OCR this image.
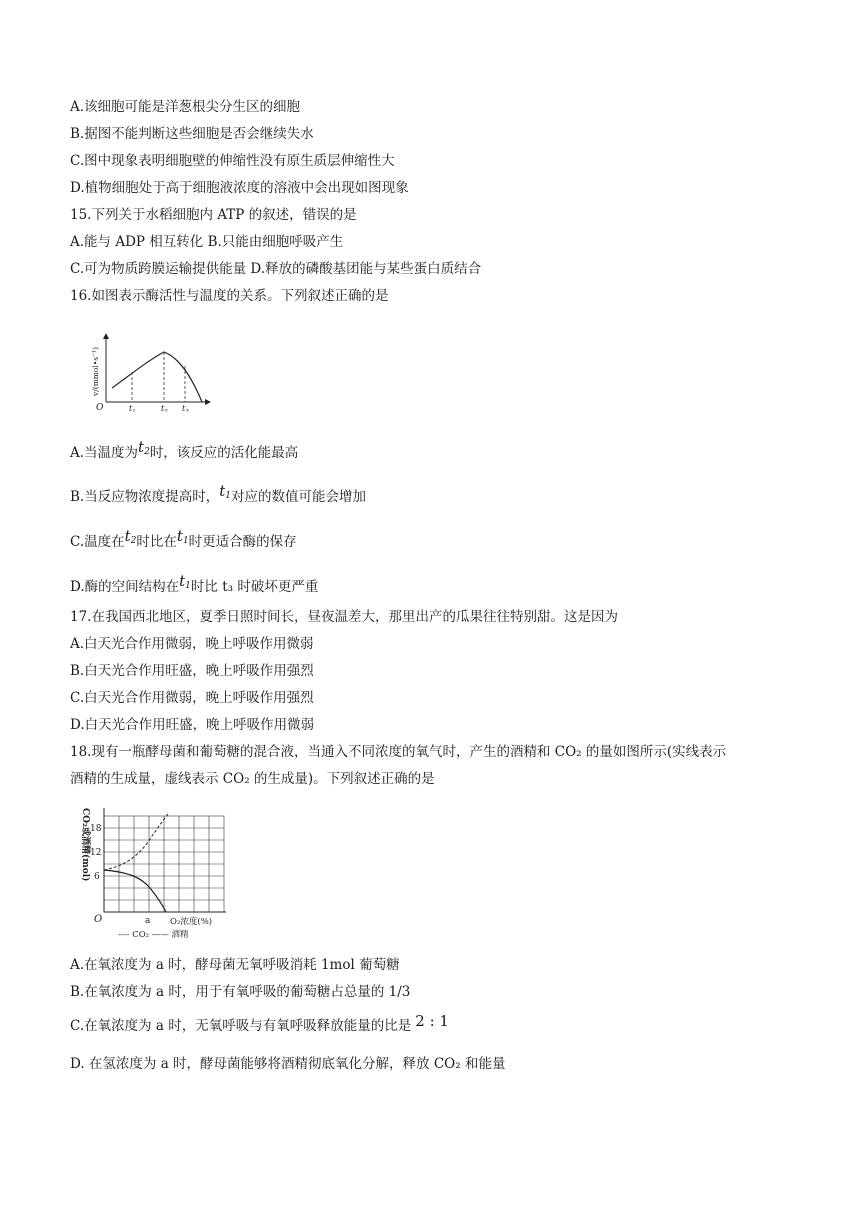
A.该细胞可能是洋葱根尖分生区的细胞
B.据图不能判断这些细胞是否会继续失水
C.图中现象表明细胞壁的伸缩性没有原生质层伸缩性大
D.植物细胞处于高于细胞液浓度的溶液中会出现如图现象
15.下列关于水稻细胞内 ATP 的叙述，错误的是
A.能与 ADP 相互转化 B.只能由细胞呼吸产生
C.可为物质跨膜运输提供能量 D.释放的磷酸基团能与某些蛋白质结合
16.如图表示酶活性与温度的关系。下列叙述正确的是
O
v/(mmol•s⁻¹)
$t_1$	$t_2$ $t_3$
A.当温度为$t_2$时，该反应的活化能最高
B.当反应物浓度提高时，$t_1$对应的数值可能会增加
C.温度在$t_2$时比在$t_1$时更适合酶的保存
D.酶的空间结构在$t_1$时比 t₃ 时破坏更严重
17.在我国西北地区，夏季日照时间长，昼夜温差大，那里出产的瓜果往往特别甜。这是因为
A.白天光合作用微弱，晚上呼吸作用微弱
B.白天光合作用旺盛，晚上呼吸作用强烈
C.白天光合作用微弱，晚上呼吸作用强烈
D.白天光合作用旺盛，晚上呼吸作用微弱
18.现有一瓶酵母菌和葡萄糖的混合液，当通入不同浓度的氧气时，产生的酒精和 CO₂ 的量如图所示(实线表示
酒精的生成量，虚线表示 CO₂ 的生成量)。下列叙述正确的是
CO₂或酒精(mol) 18
12
6
O	a O₂浓度(%)
---- CO₂ —— 酒精
A.在氧浓度为 a 时，酵母菌无氧呼吸消耗 1mol 葡萄糖
B.在氧浓度为 a 时，用于有氧呼吸的葡萄糖占总量的 1/3
C.在氧浓度为 a 时，无氧呼吸与有氧呼吸释放能量的比是 2 : 1
D. 在氢浓度为 a 时，酵母菌能够将酒精彻底氧化分解，释放 CO₂ 和能量
